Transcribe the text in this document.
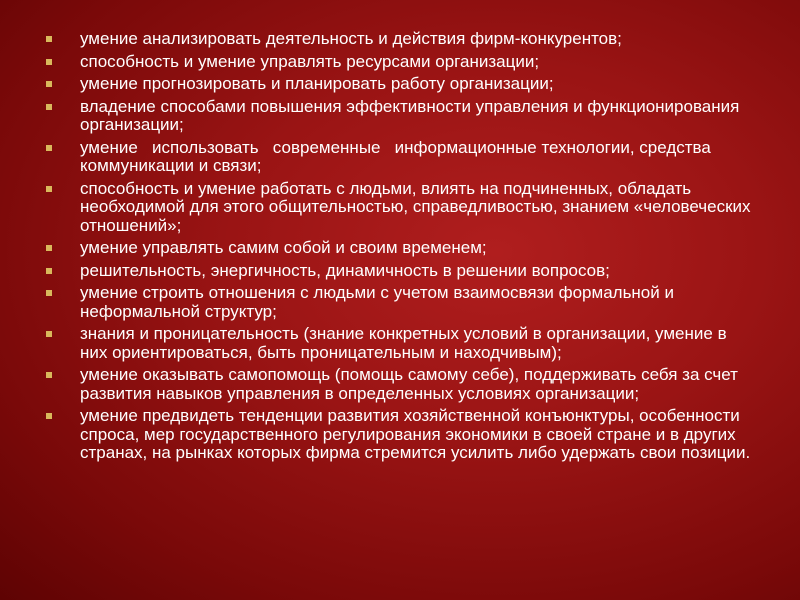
умение анализировать деятельность и действия фирм-конкурентов;
способность и умение управлять ресурсами организации;
умение прогнозировать и планировать работу организации;
владение способами повышения эффективности управления и функционирования организации;
умение   использовать   современные   информационные технологии, средства коммуникации и связи;
способность и умение работать с людьми, влиять на подчиненных, обладать необходимой для этого общительностью, справедливостью, знанием «человеческих отношений»;
умение управлять самим собой и своим временем;
решительность, энергичность, динамичность в решении вопросов;
умение строить отношения с людьми с учетом взаимосвязи формальной и неформальной структур;
знания и проницательность (знание конкретных условий в организации, умение в них ориентироваться, быть проницательным и находчивым);
умение оказывать самопомощь (помощь самому себе), поддерживать себя за счет развития навыков управления в определенных условиях организации;
умение предвидеть тенденции развития хозяйственной конъюнктуры, особенности спроса, мер государственного регулирования экономики в своей стране и в других странах, на рынках которых фирма стремится усилить либо удержать свои позиции.
